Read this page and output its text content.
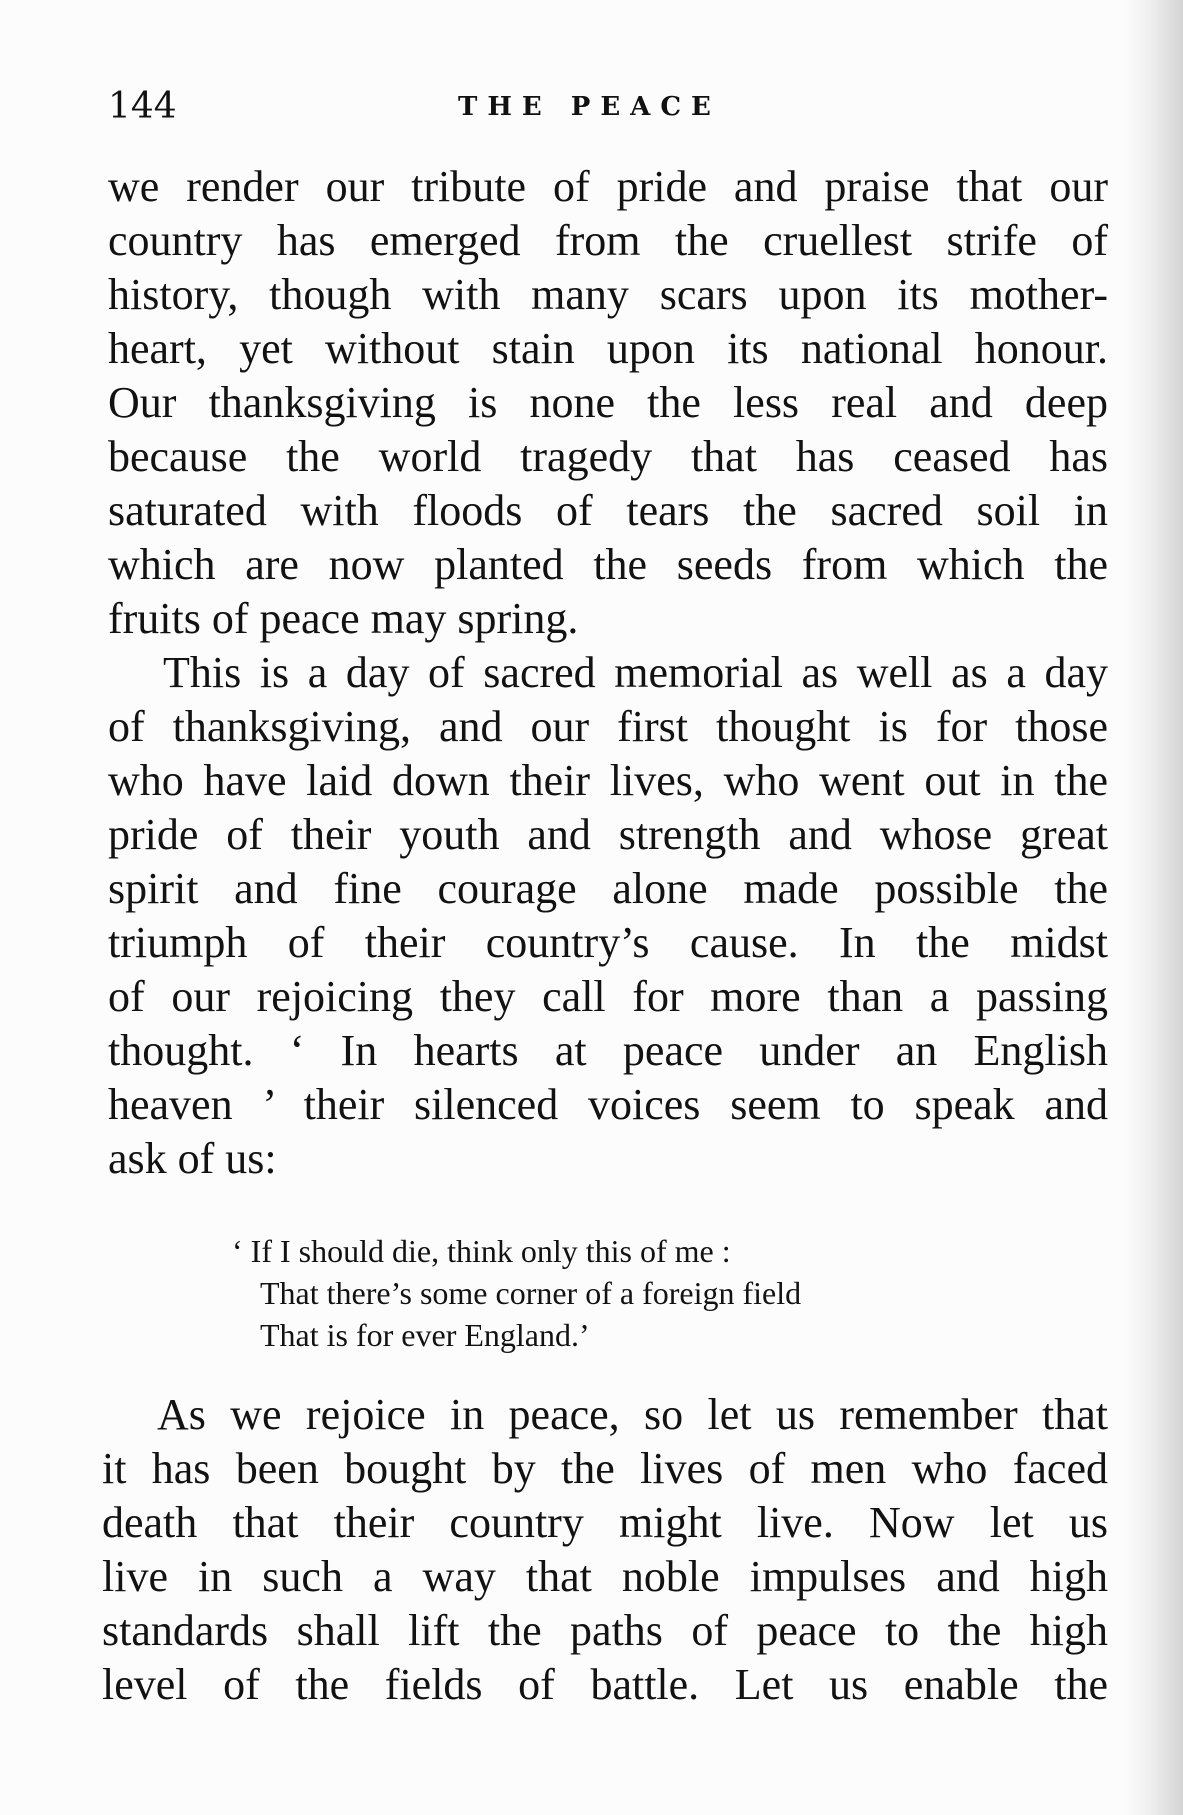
144	THE PEACE
we render our tribute of pride and praise that our
country has emerged from the cruellest strife of
history, though with many scars upon its mother-
heart, yet without stain upon its national honour.
Our thanksgiving is none the less real and deep
because the world tragedy that has ceased has
saturated with floods of tears the sacred soil in
which are now planted the seeds from which the
fruits of peace may spring.
This is a day of sacred memorial as well as a day
of thanksgiving, and our first thought is for those
who have laid down their lives, who went out in the
pride of their youth and strength and whose great
spirit and fine courage alone made possible the
triumph of their country’s cause. In the midst
of our rejoicing they call for more than a passing
thought. ‘ In hearts at peace under an English
heaven ’ their silenced voices seem to speak and
ask of us:
‘ If I should die, think only this of me :
That there’s some corner of a foreign field
That is for ever England.’
As we rejoice in peace, so let us remember that
it has been bought by the lives of men who faced
death that their country might live. Now let us
live in such a way that noble impulses and high
standards shall lift the paths of peace to the high
level of the fields of battle. Let us enable the
